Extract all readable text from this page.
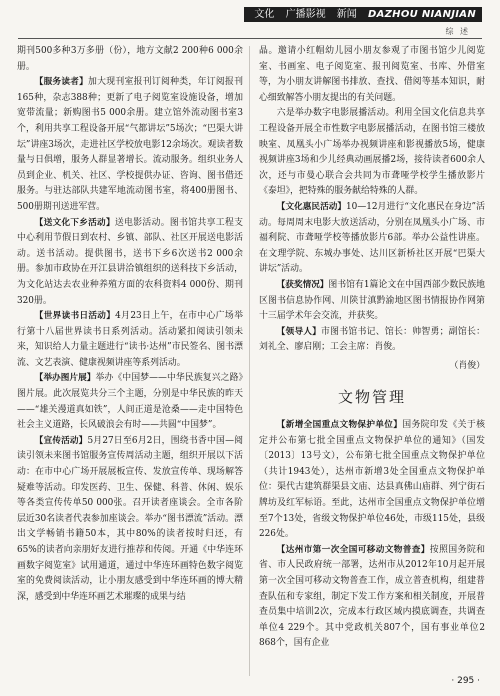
文化 广播影视 新闻 DAZHOU NIANJIAN
综 述

期刊500多种3万多册（份），地方文献2 200种6 000余册。

【服务读者】加大现刊室报刊订阅种类，年订阅报刊165种，杂志388种；更新了电子阅览室设施设备，增加宽带流量；新购图书5 000余册。建立馆外流动图书室3个，利用共享工程设备开展“气都讲坛”5场次；“巴渠大讲坛”讲座3场次，走进社区学校放电影12余场次。观读者数量与日俱增，服务人群显著增长。流动服务。组织业务人员到企业、机关、社区、学校提供办证、咨询、图书借还服务。与驻达部队共建军地流动图书室，将400册图书、500册期刊送进军营。

【送文化下乡活动】送电影活动。图书馆共享工程支中心利用节假日到农村、乡镇、部队、社区开展送电影活动。送书活动。提供图书，送书下乡6次送书2 000余册。参加市政协在开江县讲洽镇组织的送科技下乡活动，为文化站达去农业种养殖方面的农科资料4 000份、期刊320册。

【世界读书日活动】4月23日上午，在市中心广场举行第十八届世界读书日系列活动。活动紧扣阅读引领未来，知识给人力量主题进行“读书·达州”市民签名、图书漂流、文艺表演、健康视频讲座等系列活动。

【举办图片展】举办《中国梦——中华民族复兴之路》图片展。此次展览共分三个主题，分别是中华民族的昨天——“雄关漫道真如铁”，人间正道是沧桑——走中国特色社会主义道路，长风破浪会有时——共圆“中国梦”。

【宣传活动】5月27日至6月2日，围绕书香中国—阅读引领未来图书馆服务宣传周活动主题，组织开展以下活动：在市中心广场开展展板宣传、发放宣传单、现场解答疑难等活动。印发医药、卫生、保健、科普、休闲、娱乐等各类宣传传单50 000张。召开读者座谈会。全市各阶层近30名读者代表参加座谈会。举办“图书漂流”活动。漂出文学畅销书籍50本，其中80%的读者按时归还，有65%的读者向亲朋好友进行推荐和传阅。开通《中华连环画数字阅览室》试用通道，通过中华连环画特色数字阅览室的免费阅读活动，让小朋友感受到中华连环画的博大精深，感受到中华连环画艺术璀璨的成果与结

晶。邀请小红帽幼儿园小朋友参观了市图书馆少儿阅览室、书画室、电子阅览室、报刊阅览室、书库、外借室等，为小朋友讲解图书排放、查找、借阅等基本知识，耐心细致解答小朋友提出的有关问题。

六是举办数字电影展播活动。利用全国文化信息共享工程设备开展全市性数字电影展播活动，在图书馆三楼放映室、凤凰头小广场举办视频讲座和影视播放5场，健康视频讲座3场和少儿经典动画展播2场，接待读者600余人次，还与市曼心联合会共同为市聋哑学校学生播放影片《泰坦》，把特殊的服务献给特殊的人群。

【文化惠民活动】10—12月进行“文化惠民在身边”活动。每周周末电影大放送活动，分别在凤凰头小广场、市福利院、市聋哑学校等播放影片6部。举办公益性讲座。在文理学院、东城办事处、达川区新桥社区开展“巴渠大讲坛”活动。

【获奖情况】图书馆有1篇论文在中国西部少数民族地区图书信息协作网、川陕甘滇黔渝地区图书情报协作网第十三届学术年会交流，并获奖。

【领导人】市图书馆书记、馆长：帅智勇；副馆长：刘礼全、廖启刚；工会主席：肖俊。

（肖俊）

文物管理

【新增全国重点文物保护单位】国务院印发《关于核定并公布第七批全国重点文物保护单位的通知》（国发〔2013〕13号文），公布第七批全国重点文物保护单位（共计1943处），达州市新增3处全国重点文物保护单位：渠代古建筑群渠县文庙、达县真佛山庙群、列宁街石牌坊及红军标语。至此，达州市全国重点文物保护单位增至7个13处，省级文物保护单位46处，市级115处，县级226处。

【达州市第一次全国可移动文物普查】按照国务院和省、市人民政府统一部署，达州市从2012年10月起开展第一次全国可移动文物普查工作，成立普查机构，组建普查队伍和专家组，制定下发工作方案和相关制度，开展普查员集中培训2次，完成本行政区域内摸底调查，共调查单位4 229个。其中党政机关807个，国有事业单位2 868个，国有企业

· 295 ·
